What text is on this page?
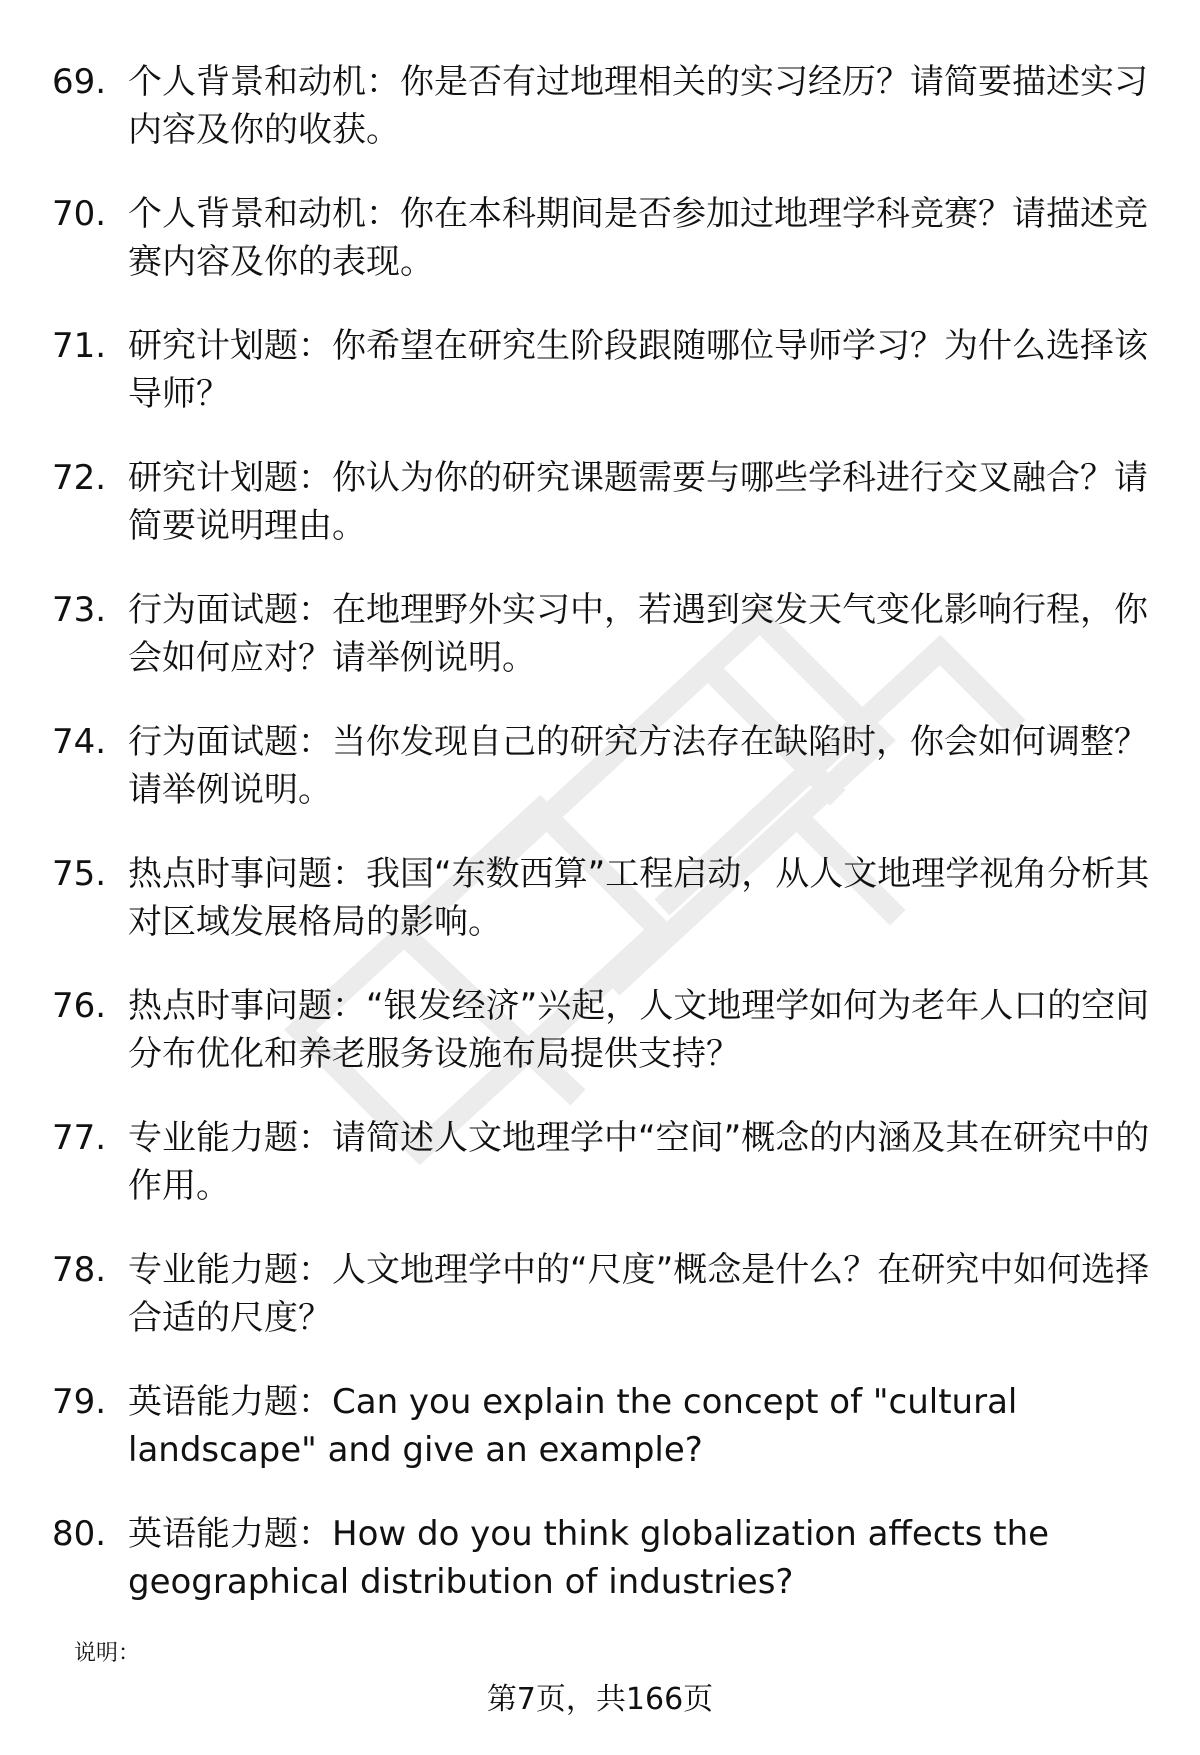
69. 个人背景和动机：你是否有过地理相关的实习经历？请简要描述实习内容及你的收获。
70. 个人背景和动机：你在本科期间是否参加过地理学科竞赛？请描述竞赛内容及你的表现。
71. 研究计划题：你希望在研究生阶段跟随哪位导师学习？为什么选择该导师？
72. 研究计划题：你认为你的研究课题需要与哪些学科进行交叉融合？请简要说明理由。
73. 行为面试题：在地理野外实习中，若遇到突发天气变化影响行程，你会如何应对？请举例说明。
74. 行为面试题：当你发现自己的研究方法存在缺陷时，你会如何调整？请举例说明。
75. 热点时事问题：我国“东数西算”工程启动，从人文地理学视角分析其对区域发展格局的影响。
76. 热点时事问题：“银发经济”兴起，人文地理学如何为老年人口的空间分布优化和养老服务设施布局提供支持？
77. 专业能力题：请简述人文地理学中“空间”概念的内涵及其在研究中的作用。
78. 专业能力题：人文地理学中的“尺度”概念是什么？在研究中如何选择合适的尺度？
79. 英语能力题：Can you explain the concept of "cultural landscape" and give an example?
80. 英语能力题：How do you think globalization affects the geographical distribution of industries?
说明：
第7页，共166页
